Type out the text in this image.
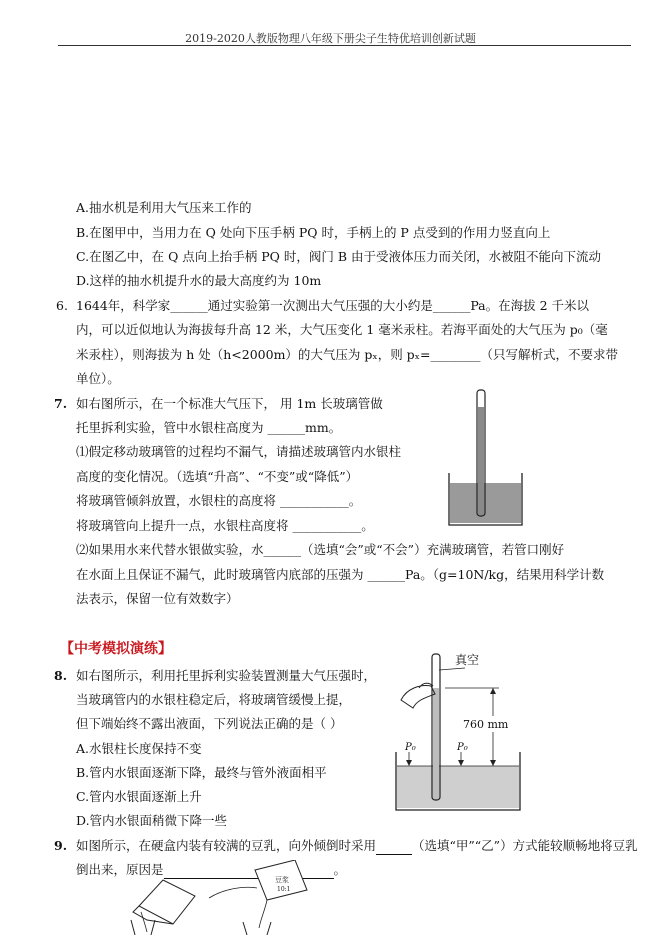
2019-2020人教版物理八年级下册尖子生特优培训创新试题
A.抽水机是利用大气压来工作的
B.在图甲中，当用力在 Q 处向下压手柄 PQ 时，手柄上的 P 点受到的作用力竖直向上
C.在图乙中，在 Q 点向上抬手柄 PQ 时，阀门 B 由于受液体压力而关闭，水被阻不能向下流动
D.这样的抽水机提升水的最大高度约为 10m
6. 1644年，科学家______通过实验第一次测出大气压强的大小约是______Pa。在海拔 2 千米以
内，可以近似地认为海拔每升高 12 米，大气压变化 1 毫米汞柱。若海平面处的大气压为 p₀（毫
米汞柱），则海拔为 h 处（h<2000m）的大气压为 pₓ，则 pₓ=________（只写解析式，不要求带
单位）。
7. 如右图所示，在一个标准大气压下， 用 1m 长玻璃管做
托里拆利实验，管中水银柱高度为 ______mm。
⑴假定移动玻璃管的过程均不漏气，请描述玻璃管内水银柱
高度的变化情况。（选填“升高”、“不变”或“降低”）
将玻璃管倾斜放置，水银柱的高度将 ___________。
将玻璃管向上提升一点，水银柱高度将 ___________。
⑵如果用水来代替水银做实验，水______（选填“会”或“不会”）充满玻璃管，若管口刚好
在水面上且保证不漏气，此时玻璃管内底部的压强为 ______Pa。（g=10N/kg，结果用科学计数
法表示，保留一位有效数字）
【中考模拟演练】
8. 如右图所示，利用托里拆利实验装置测量大气压强时，
当玻璃管内的水银柱稳定后，将玻璃管缓慢上提，
但下端始终不露出液面，下列说法正确的是（ ）
A.水银柱长度保持不变
B.管内水银面逐渐下降，最终与管外液面相平
C.管内水银面逐渐上升
D.管内水银面稍微下降一些
真空
760 mm
P₀	P₀
9. 如图所示，在硬盒内装有较满的豆乳，向外倾倒时采用	（选填“甲”“乙”）方式能较顺畅地将豆乳
倒出来，原因是	。
豆浆
10:1
